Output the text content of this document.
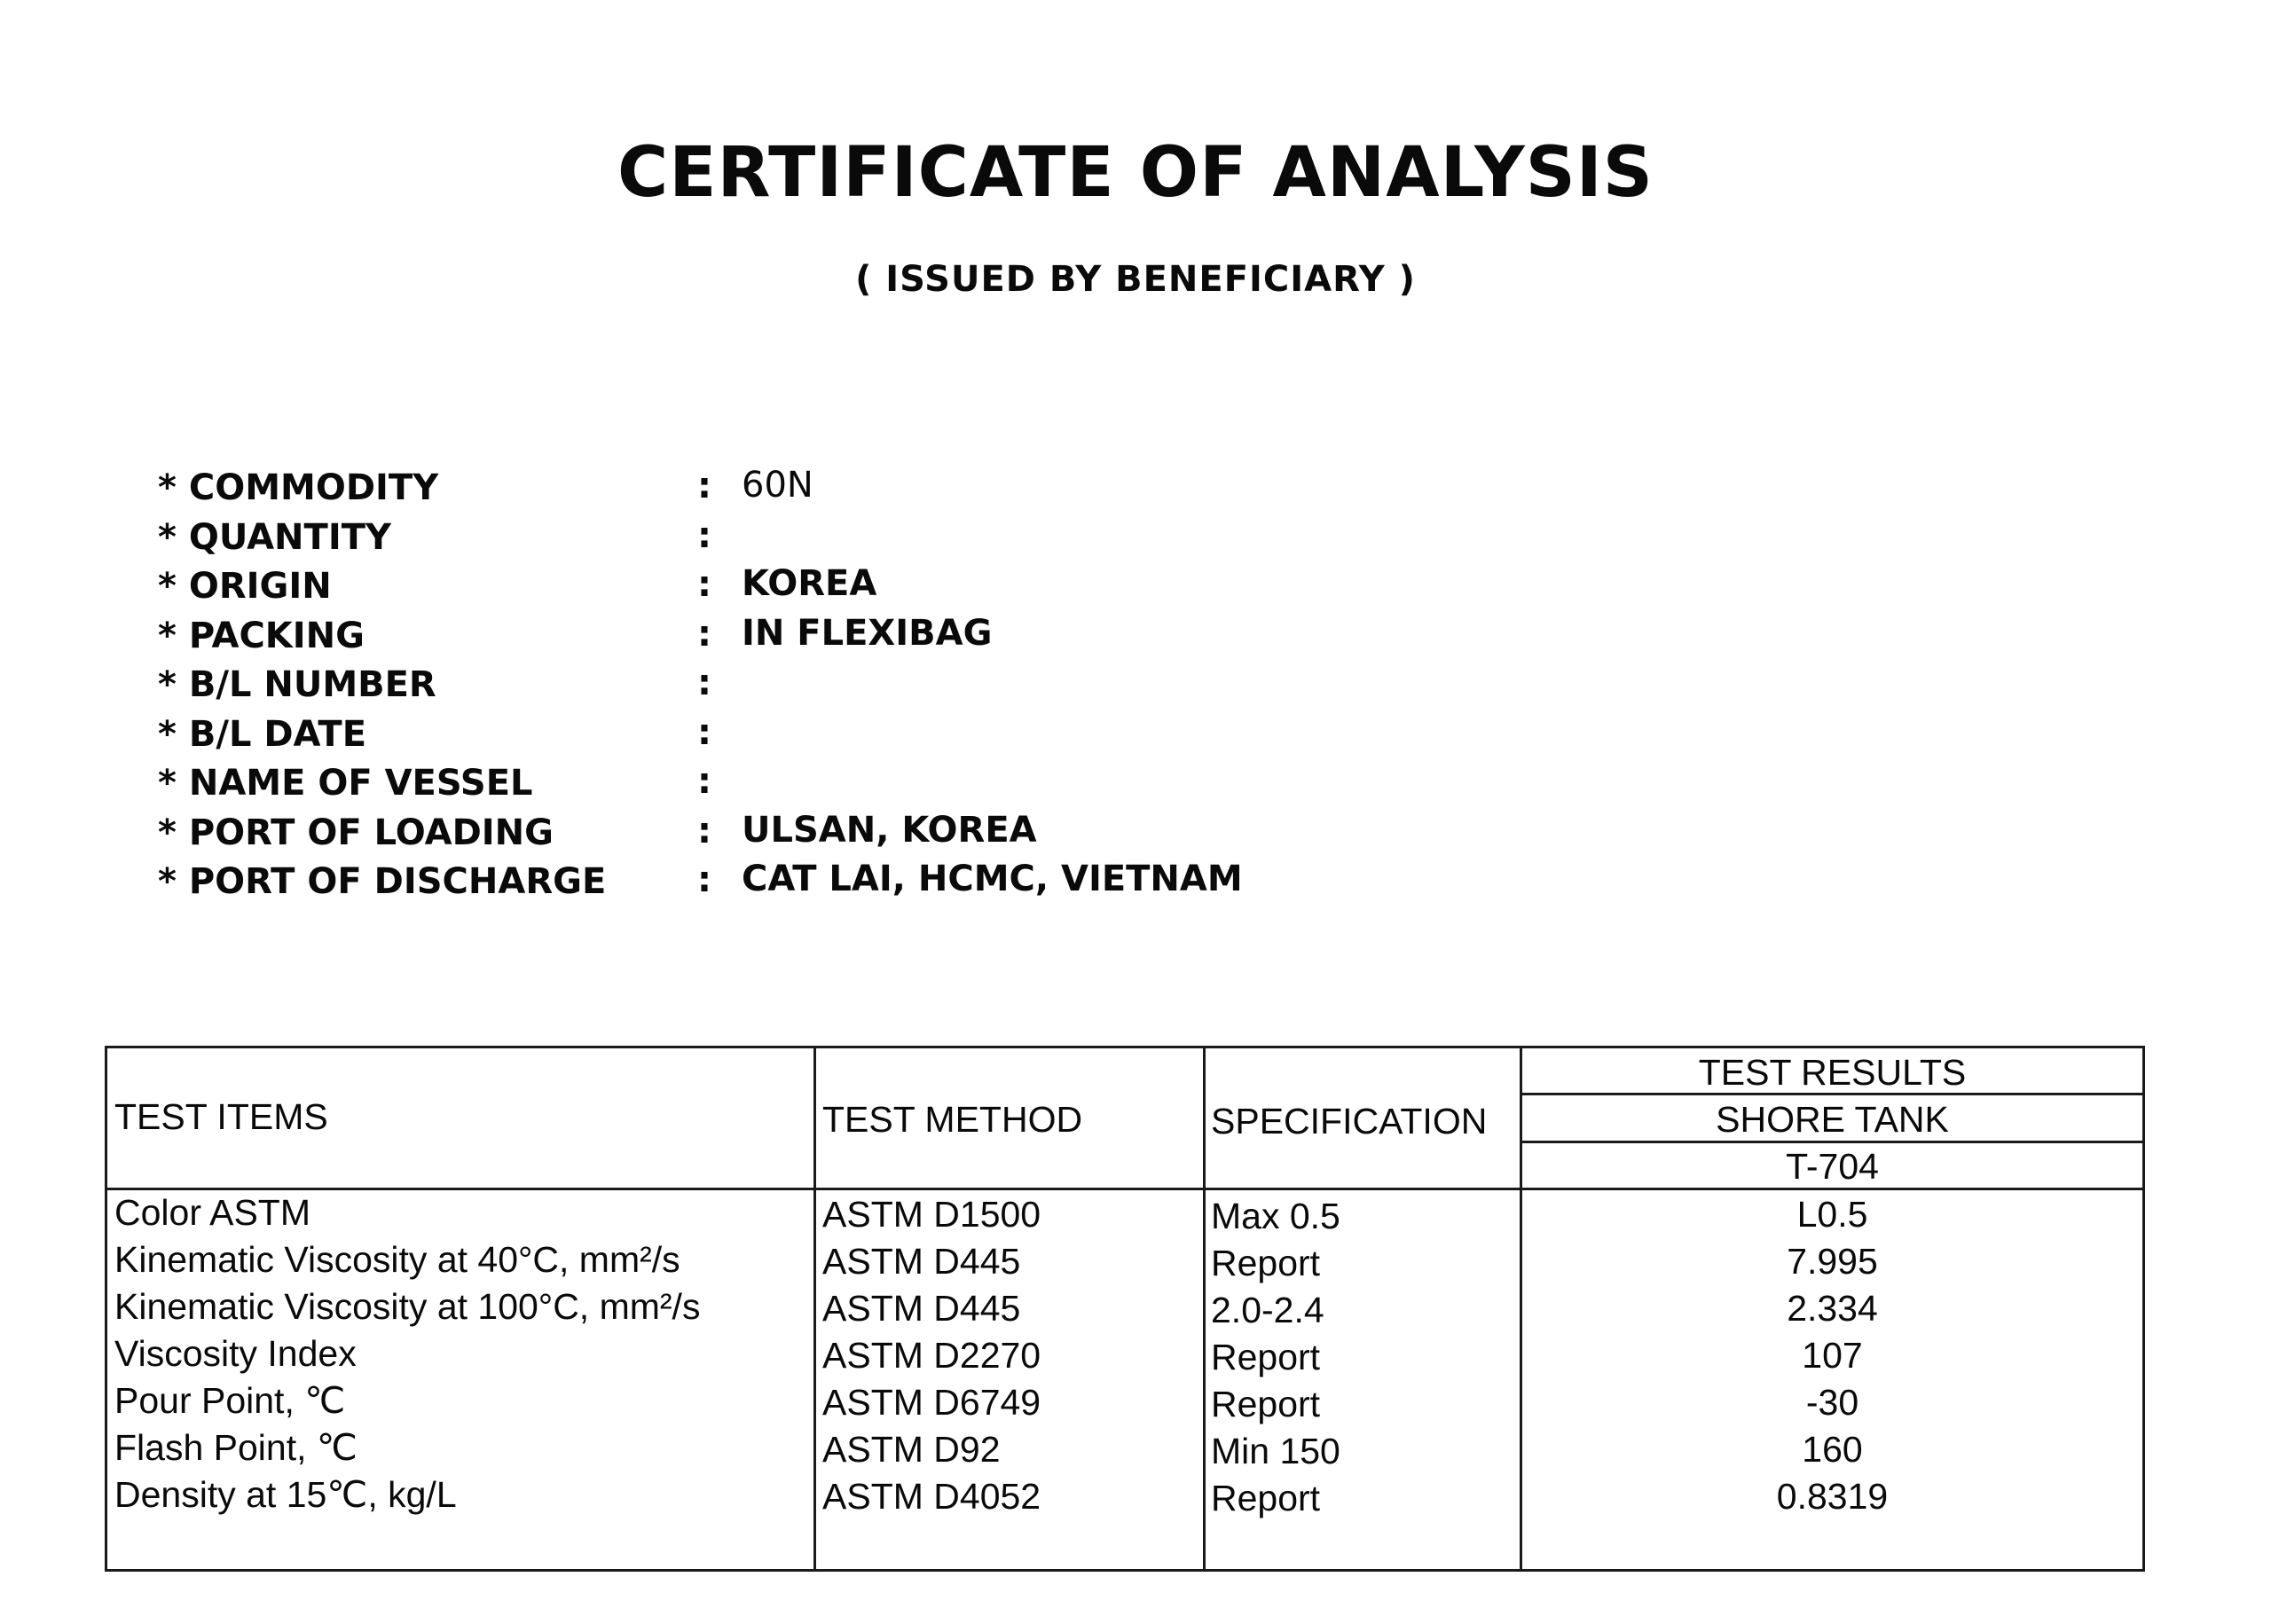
CERTIFICATE OF ANALYSIS
( ISSUED BY BENEFICIARY )
* COMMODITY	: 60N
* QUANTITY	:
* ORIGIN	: KOREA
* PACKING	: IN FLEXIBAG
* B/L NUMBER	:
* B/L DATE	:
* NAME OF VESSEL	:
* PORT OF LOADING	: ULSAN, KOREA
* PORT OF DISCHARGE	: CAT LAI, HCMC, VIETNAM
TEST ITEMS	TEST METHOD	SPECIFICATION
TEST RESULTS
SHORE TANK
T-704
Color ASTM	ASTM D1500	Max 0.5	L0.5
Kinematic Viscosity at 40°C, mm²/s	ASTM D445	Report	7.995
Kinematic Viscosity at 100°C, mm²/s	ASTM D445	2.0-2.4	2.334
Viscosity Index	ASTM D2270	Report	107
Pour Point, ℃	ASTM D6749	Report	-30
Flash Point, ℃	ASTM D92	Min 150	160
Density at 15℃, kg/L	ASTM D4052	Report	0.8319
